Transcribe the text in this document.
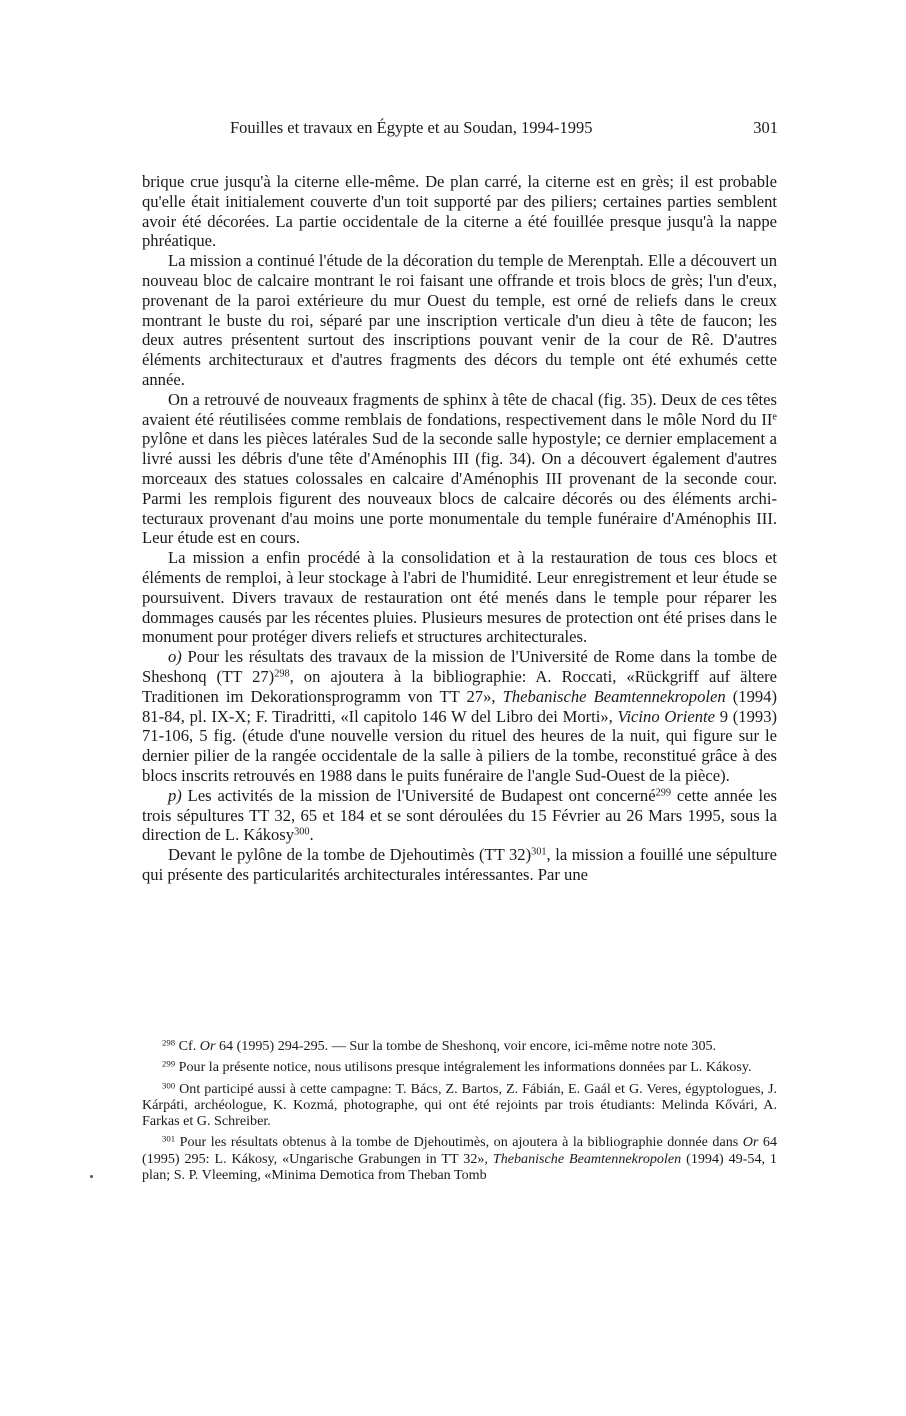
Fouilles et travaux en Égypte et au Soudan, 1994-1995	301

brique crue jusqu'à la citerne elle-même. De plan carré, la citerne est en grès; il est probable qu'elle était initialement couverte d'un toit supporté par des piliers; certaines parties semblent avoir été décorées. La partie occidentale de la citerne a été fouillée presque jusqu'à la nappe phréatique.

La mission a continué l'étude de la décoration du temple de Merenptah. Elle a découvert un nouveau bloc de calcaire montrant le roi faisant une offrande et trois blocs de grès; l'un d'eux, provenant de la paroi extérieure du mur Ouest du temple, est orné de reliefs dans le creux montrant le buste du roi, séparé par une inscription verticale d'un dieu à tête de faucon; les deux autres présentent surtout des inscriptions pouvant venir de la cour de Rê. D'autres éléments architecturaux et d'autres fragments des décors du temple ont été exhumés cette année.

On a retrouvé de nouveaux fragments de sphinx à tête de chacal (fig. 35). Deux de ces têtes avaient été réutilisées comme remblais de fondations, respectivement dans le môle Nord du IIe pylône et dans les pièces latérales Sud de la seconde salle hypostyle; ce dernier emplacement a livré aussi les débris d'une tête d'Aménophis III (fig. 34). On a découvert également d'autres morceaux des statues colossales en calcaire d'Aménophis III provenant de la seconde cour. Parmi les remplois figurent des nouveaux blocs de calcaire décorés ou des éléments architecturaux provenant d'au moins une porte monumentale du temple funéraire d'Aménophis III. Leur étude est en cours.

La mission a enfin procédé à la consolidation et à la restauration de tous ces blocs et éléments de remploi, à leur stockage à l'abri de l'humidité. Leur enregistrement et leur étude se poursuivent. Divers travaux de restauration ont été menés dans le temple pour réparer les dommages causés par les récentes pluies. Plusieurs mesures de protection ont été prises dans le monument pour protéger divers reliefs et structures architecturales.

o) Pour les résultats des travaux de la mission de l'Université de Rome dans la tombe de Sheshonq (TT 27)$^{298}$, on ajoutera à la bibliographie: A. Roccati, «Rückgriff auf ältere Traditionen im Dekorationsprogramm von TT 27», Thebanische Beamtennekropolen (1994) 81-84, pl. IX-X; F. Tiradritti, «Il capitolo 146 W del Libro dei Morti», Vicino Oriente 9 (1993) 71-106, 5 fig. (étude d'une nouvelle version du rituel des heures de la nuit, qui figure sur le dernier pilier de la rangée occidentale de la salle à piliers de la tombe, reconstitué grâce à des blocs inscrits retrouvés en 1988 dans le puits funéraire de l'angle Sud-Ouest de la pièce).

p) Les activités de la mission de l'Université de Budapest ont concerné$^{299}$ cette année les trois sépultures TT 32, 65 et 184 et se sont déroulées du 15 Février au 26 Mars 1995, sous la direction de L. Kákosy$^{300}$.

Devant le pylône de la tombe de Djehoutimès (TT 32)$^{301}$, la mission a fouillé une sépulture qui présente des particularités architecturales intéressantes. Par une

$^{298}$ Cf. Or 64 (1995) 294-295. — Sur la tombe de Sheshonq, voir encore, ici-même notre note 305.

$^{299}$ Pour la présente notice, nous utilisons presque intégralement les informations données par L. Kákosy.

$^{300}$ Ont participé aussi à cette campagne: T. Bács, Z. Bartos, Z. Fábián, E. Gaál et G. Veres, égyptologues, J. Kárpáti, archéologue, K. Kozmá, photographe, qui ont été rejoints par trois étudiants: Melinda Kővári, A. Farkas et G. Schreiber.

$^{301}$ Pour les résultats obtenus à la tombe de Djehoutimès, on ajoutera à la bibliographie donnée dans Or 64 (1995) 295: L. Kákosy, «Ungarische Grabungen in TT 32», Thebanische Beamtennekropolen (1994) 49-54, 1 plan; S. P. Vleeming, «Minima Demotica from Theban Tomb
